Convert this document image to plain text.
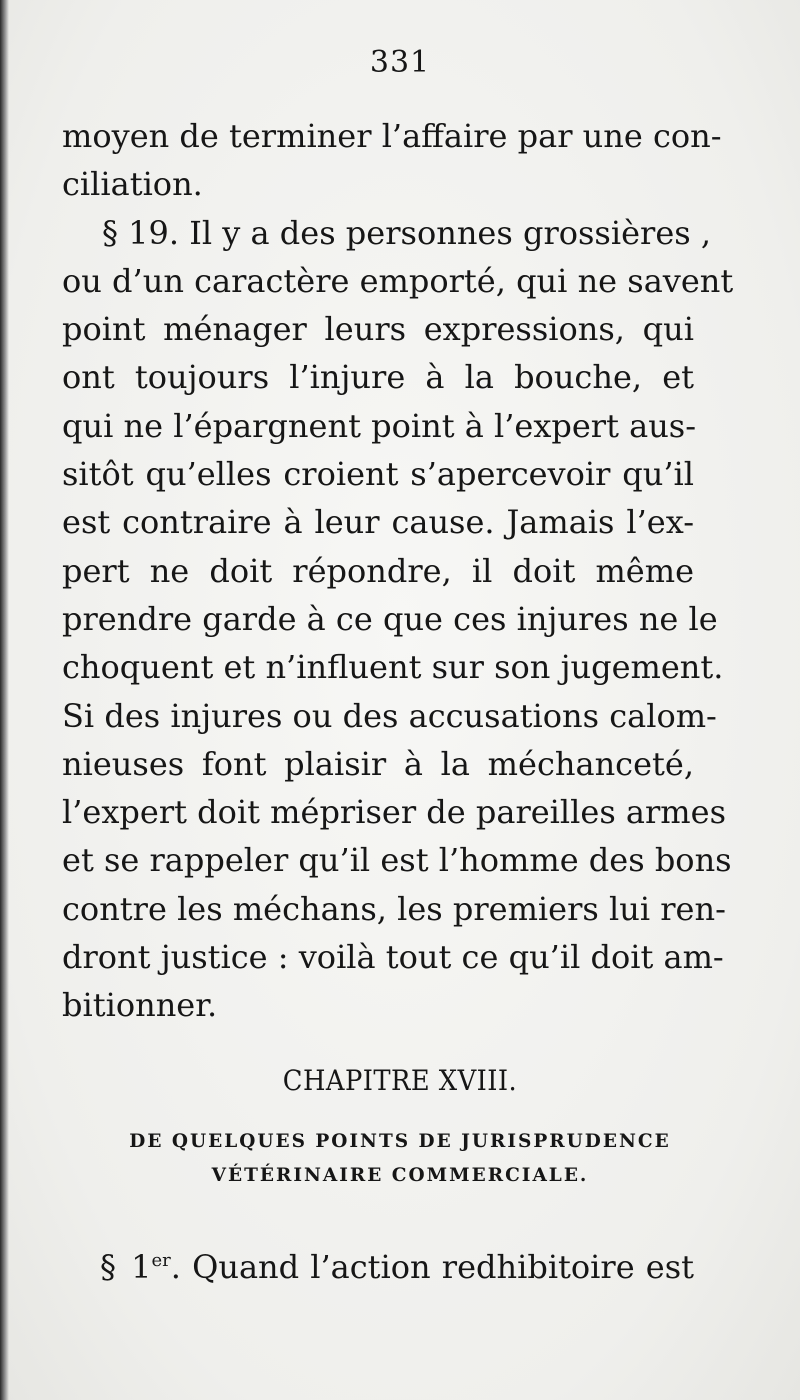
331
moyen de terminer l’affaire par une con-
ciliation.
§ 19. Il y a des personnes grossières ,
ou d’un caractère emporté, qui ne savent
point ménager leurs expressions, qui
ont toujours l’injure à la bouche, et
qui ne l’épargnent point à l’expert aus-
sitôt qu’elles croient s’apercevoir qu’il
est contraire à leur cause. Jamais l’ex-
pert ne doit répondre, il doit même
prendre garde à ce que ces injures ne le
choquent et n’influent sur son jugement.
Si des injures ou des accusations calom-
nieuses font plaisir à la méchanceté,
l’expert doit mépriser de pareilles armes
et se rappeler qu’il est l’homme des bons
contre les méchans, les premiers lui ren-
dront justice : voilà tout ce qu’il doit am-
bitionner.
CHAPITRE XVIII.
DE QUELQUES POINTS DE JURISPRUDENCE
VÉTÉRINAIRE COMMERCIALE.
§ 1er. Quand l’action redhibitoire est
